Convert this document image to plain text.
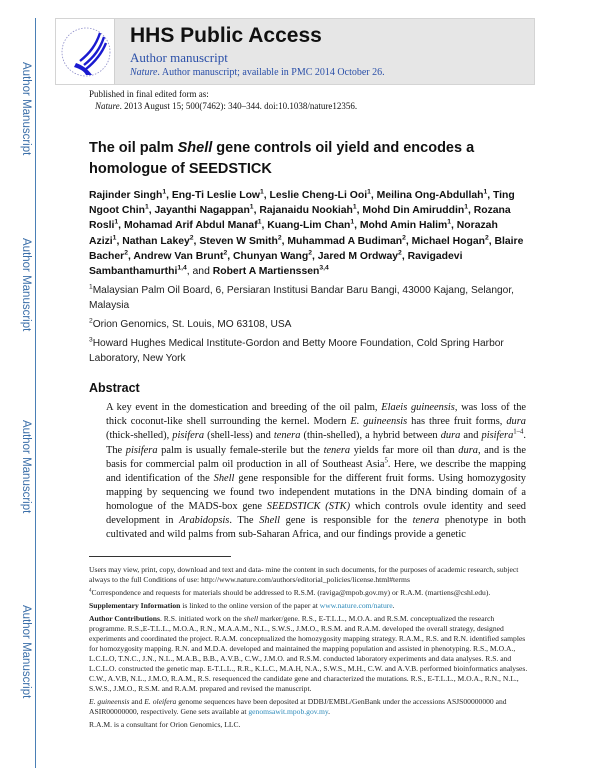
Author Manuscript
Author Manuscript
Author Manuscript
Author Manuscript
HHS Public Access
Author manuscript
Nature. Author manuscript; available in PMC 2014 October 26.
Published in final edited form as:
Nature. 2013 August 15; 500(7462): 340–344. doi:10.1038/nature12356.
The oil palm Shell gene controls oil yield and encodes a homologue of SEEDSTICK
Rajinder Singh$^1$, Eng-Ti Leslie Low$^1$, Leslie Cheng-Li Ooi$^1$, Meilina Ong-Abdullah$^1$, Ting Ngoot Chin$^1$, Jayanthi Nagappan$^1$, Rajanaidu Nookiah$^1$, Mohd Din Amiruddin$^1$, Rozana Rosli$^1$, Mohamad Arif Abdul Manaf$^1$, Kuang-Lim Chan$^1$, Mohd Amin Halim$^1$, Norazah Azizi$^1$, Nathan Lakey$^2$, Steven W Smith$^2$, Muhammad A Budiman$^2$, Michael Hogan$^2$, Blaire Bacher$^2$, Andrew Van Brunt$^2$, Chunyan Wang$^2$, Jared M Ordway$^2$, Ravigadevi Sambanthamurthi$^{1,4}$, and Robert A Martienssen$^{3,4}$
$^1$Malaysian Palm Oil Board, 6, Persiaran Institusi Bandar Baru Bangi, 43000 Kajang, Selangor, Malaysia
$^2$Orion Genomics, St. Louis, MO 63108, USA
$^3$Howard Hughes Medical Institute-Gordon and Betty Moore Foundation, Cold Spring Harbor Laboratory, New York
Abstract
A key event in the domestication and breeding of the oil palm, Elaeis guineensis, was loss of the thick coconut-like shell surrounding the kernel. Modern E. guineensis has three fruit forms, dura (thick-shelled), pisifera (shell-less) and tenera (thin-shelled), a hybrid between dura and pisifera$^{1-4}$. The pisifera palm is usually female-sterile but the tenera yields far more oil than dura, and is the basis for commercial palm oil production in all of Southeast Asia$^5$. Here, we describe the mapping and identification of the Shell gene responsible for the different fruit forms. Using homozygosity mapping by sequencing we found two independent mutations in the DNA binding domain of a homologue of the MADS-box gene SEEDSTICK (STK) which controls ovule identity and seed development in Arabidopsis. The Shell gene is responsible for the tenera phenotype in both cultivated and wild palms from sub-Saharan Africa, and our findings provide a genetic
Users may view, print, copy, download and text and data- mine the content in such documents, for the purposes of academic research, subject always to the full Conditions of use: http://www.nature.com/authors/editorial_policies/license.html#terms
$^4$Correspondence and requests for materials should be addressed to R.S.M. (raviga@mpob.gov.my) or R.A.M. (martiens@cshl.edu).
Supplementary Information is linked to the online version of the paper at www.nature.com/nature.
Author Contributions. R.S. initiated work on the shell marker/gene. R.S., E-T.L.L., M.O.A. and R.S.M. conceptualized the research programme. R.S.,E-T.L.L., M.O.A., R.N., M.A.A.M., N.L., S.W.S., J.M.O., R.S.M. and R.A.M. developed the overall strategy, designed experiments and coordinated the project. R.A.M. conceptualized the homozygosity mapping strategy. R.A.M., R.S. and R.N. identified samples for homozygosity mapping. R.N. and M.D.A. developed and maintained the mapping population and assisted in phenotyping. R.S., M.O.A., L.C.L.O, T.N.C., J.N., N.L., M.A.B., B.B., A.V.B., C.W., J.M.O. and R.S.M. conducted laboratory experiments and data analyses. R.S. and L.C.L.O. constructed the genetic map. E-T.L.L., R.R., K.L.C., M.A.H, N.A., S.W.S., M.H., C.W. and A.V.B. performed bioinformatics analyses. C.W., A.V.B, N.L., J.M.O, R.A.M., R.S. resequenced the candidate gene and characterized the mutations. R.S., E-T.L.L., M.O.A., R.N., N.L., S.W.S., J.M.O., R.S.M. and R.A.M. prepared and revised the manuscript.
E. guineensis and E. oleifera genome sequences have been deposited at DDBJ/EMBL/GenBank under the accessions ASJS00000000 and ASIR00000000, respectively. Gene sets available at genomsawit.mpob.gov.my.
R.A.M. is a consultant for Orion Genomics, LLC.
